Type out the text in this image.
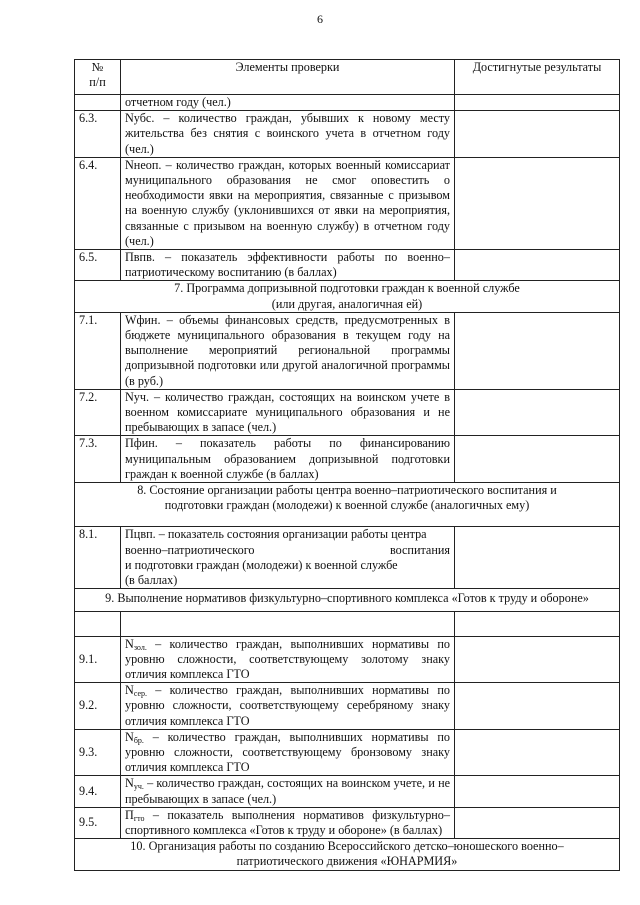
6
№
п/п	Элементы проверки	Достигнутые результаты
	отчетном году (чел.)	
6.3.	Nубс. – количество граждан, убывших к новому месту жительства без снятия с воинского учета в отчетном году (чел.)	
6.4.	Nнеоп. – количество граждан, которых военный комиссариат муниципального образования не смог оповестить о необходимости явки на мероприятия, связанные с призывом на военную службу (уклонившихся от явки на мероприятия, связанные с призывом на военную службу) в отчетном году (чел.)	
6.5.	Пвпв. – показатель эффективности работы по военно–патриотическому воспитанию (в баллах)	

7. Программа допризывной подготовки граждан к военной службе
(или другая, аналогичная ей)		

7.1.	Wфин. – объемы финансовых средств, предусмотренных в бюджете муниципального образования в текущем году на выполнение мероприятий региональной программы допризывной подготовки или другой аналогичной программы (в руб.)	
7.2.	Nуч. – количество граждан, состоящих на воинском учете в военном комиссариате муниципального образования и не пребывающих в запасе (чел.)	
7.3.	Пфин. – показатель работы по финансированию муниципальным образованием допризывной подготовки граждан к военной службе (в баллах)	

8. Состояние организации работы центра военно–патриотического воспитания и
подготовки граждан (молодежи) к военной службе (аналогичных ему)		

8.1.	Пцвп. – показатель состояния организации работы центра
военно–патриотического воспитания
и подготовки граждан (молодежи) к военной службе
(в баллах)	

9. Выполнение нормативов физкультурно–спортивного комплекса «Готов к труду и обороне»		

9.1.	$N_{зол.}$ – количество граждан, выполнивших нормативы по уровню сложности, соответствующему золотому знаку отличия комплекса ГТО	
9.2.	$N_{сер.}$ – количество граждан, выполнивших нормативы по уровню сложности, соответствующему серебряному знаку отличия комплекса ГТО	
9.3.	$N_{бр.}$ – количество граждан, выполнивших нормативы по уровню сложности, соответствующему бронзовому знаку отличия комплекса ГТО	
9.4.	$N_{уч.}$ – количество граждан, состоящих на воинском учете, и не пребывающих в запасе (чел.)	
9.5.	$П_{гто}$ – показатель выполнения нормативов физкультурно–спортивного комплекса «Готов к труду и обороне» (в баллах)	

10. Организация работы по созданию Всероссийского детско–юношеского военно–
патриотического движения «ЮНАРМИЯ»		
